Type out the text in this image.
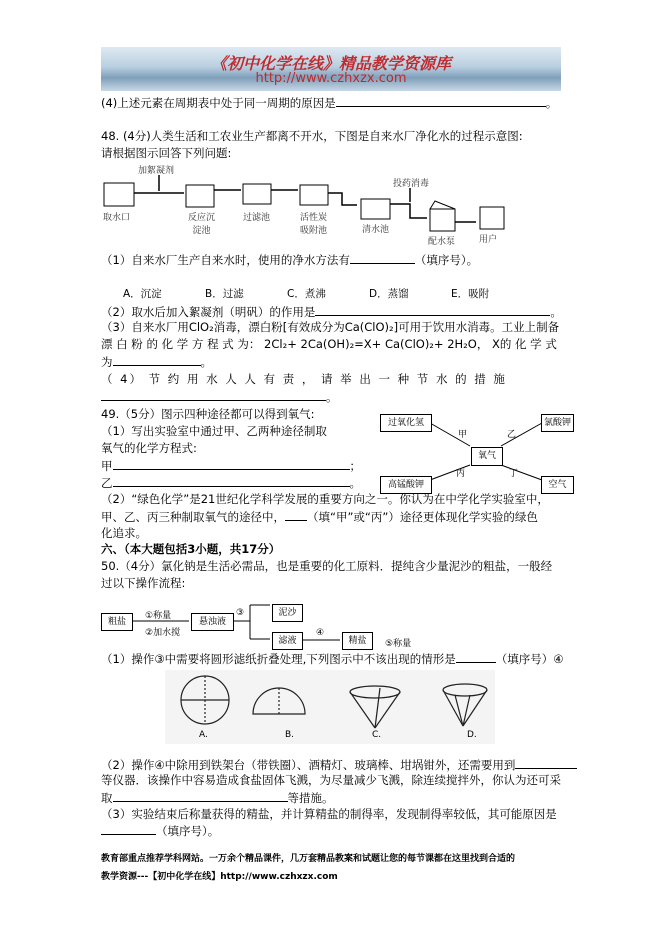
《初中化学在线》精品教学资源库
http://www.czhxzx.com
(4)上述元素在周期表中处于同一周期的原因是	。
48. (4分)人类生活和工农业生产都离不开水，下图是自来水厂净化水的过程示意图:
请根据图示回答下列问题:
加絮凝剂
投药消毒
取水口	反应沉
淀池
过滤池	活性炭
吸附池	清水池
配水泵	用户
（1）自来水厂生产自来水时，使用的净水方法有	（填序号）。
A．沉淀	B．过滤	C．煮沸	D．蒸馏	E．吸附
（2）取水后加入絮凝剂（明矾）的作用是	。
（3）自来水厂用ClO₂消毒，漂白粉[有效成分为Ca(ClO)₂]可用于饮用水消毒。工业上制备
漂 白 粉 的 化 学 方 程 式 为： 2Cl₂+ 2Ca(OH)₂=X+ Ca(ClO)₂+ 2H₂O， X的 化 学 式
为	。
（ 4） 节 约 用 水 人 人 有 责 ， 请 举 出 一 种 节 水 的 措 施
。
49.（5分）图示四种途径都可以得到氧气:
（1）写出实验室中通过甲、乙两种途径制取
氧气的化学方程式:
甲	；
乙	。
过氧化氢	氯酸钾
氧气
高锰酸钾	空气
甲	乙
丙	丁
（2）“绿色化学”是21世纪化学科学发展的重要方向之一。你认为在中学化学实验室中，
甲、乙、丙三种制取氧气的途径中， （填“甲”或“丙”）途径更体现化学实验的绿色
化追求。
六、（本大题包括3小题，共17分）
50.（4分）氯化钠是生活必需品，也是重要的化工原料．提纯含少量泥沙的粗盐，一般经
过以下操作流程:
粗盐	悬浊液
泥沙
滤液	精盐
①称量
②加水搅
③
④
⑤称量
（1）操作③中需要将圆形滤纸折叠处理,下列图示中不该出现的情形是	（填序号）④
A.	B.	C.	D.
（2）操作④中除用到铁架台（带铁圈）、酒精灯、玻璃棒、坩埚钳外，还需要用到
等仪器．该操作中容易造成食盐固体飞溅，为尽量减少飞溅，除连续搅拌外，你认为还可采
取	等措施。
（3）实验结束后称量获得的精盐，并计算精盐的制得率，发现制得率较低，其可能原因是
（填序号）。
教育部重点推荐学科网站。一万余个精品课件，几万套精品教案和试题让您的每节课都在这里找到合适的
教学资源---【初中化学在线】http://www.czhxzx.com
